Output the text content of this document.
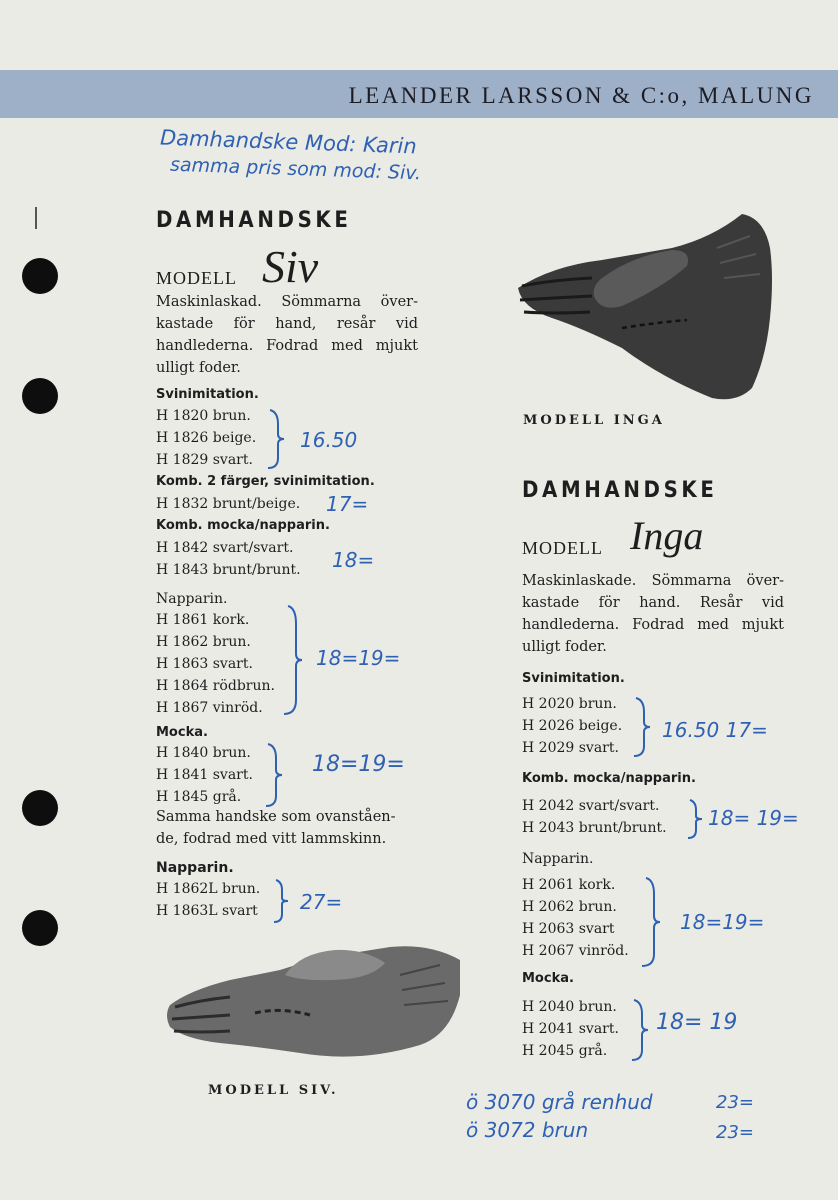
LEANDER LARSSON & C:o, MALUNG
Damhandske Mod: Karin
samma pris som mod: Siv.
DAMHANDSKE
MODELL Siv
Maskinlaskad. Sömmarna över-
kastade för hand, resår vid
handlederna. Fodrad med mjukt
ulligt foder.
Svinimitation.
H 1820 brun.
H 1826 beige.
H 1829 svart.
16.50
Komb. 2 färger, svinimitation.
H 1832 brunt/beige. 17=
Komb. mocka/napparin.
H 1842 svart/svart.
H 1843 brunt/brunt. 18=
Napparin.
H 1861 kork.
H 1862 brun.
H 1863 svart.
H 1864 rödbrun.
H 1867 vinröd.
18=19=
Mocka.
H 1840 brun.
H 1841 svart.
H 1845 grå.
18=19=
Samma handske som ovanståen-
de, fodrad med vitt lammskinn.
Napparin.
H 1862L brun.
H 1863L svart 27=
MODELL SIV.
MODELL INGA
DAMHANDSKE
MODELL Inga
Maskinlaskade. Sömmarna över-
kastade för hand. Resår vid
handlederna. Fodrad med mjukt
ulligt foder.
Svinimitation.
H 2020 brun.
H 2026 beige.
H 2029 svart.
16.50 17=
Komb. mocka/napparin.
H 2042 svart/svart.
H 2043 brunt/brunt. 18= 19=
Napparin.
H 2061 kork.
H 2062 brun.
H 2063 svart
H 2067 vinröd.
18=19=
Mocka.
H 2040 brun.
H 2041 svart.
H 2045 grå.
18= 19
ö 3070 grå renhud	23=
ö 3072 brun	23=
